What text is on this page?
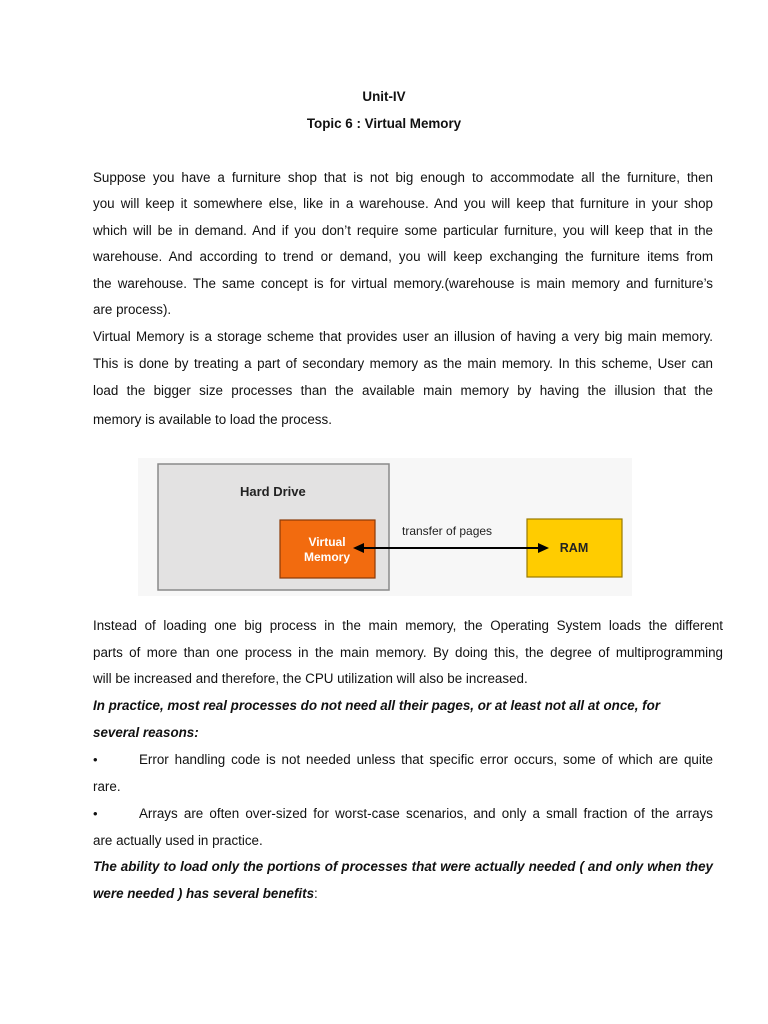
Unit-IV
Topic 6 : Virtual Memory
Suppose you have a furniture shop that is not big enough to accommodate all the furniture, then
you will keep it somewhere else, like in a warehouse. And you will keep that furniture in your shop
which will be in demand. And if you don’t require some particular furniture, you will keep that in the
warehouse. And according to trend or demand, you will keep exchanging the furniture items from
the warehouse. The same concept is for virtual memory.(warehouse is main memory and furniture’s
are process).
Virtual Memory is a storage scheme that provides user an illusion of having a very big main memory.
This is done by treating a part of secondary memory as the main memory. In this scheme, User can
load the bigger size processes than the available main memory by having the illusion that the
memory is available to load the process.
Hard Drive
Virtual
Memory
RAM
transfer of pages
Instead of loading one big process in the main memory, the Operating System loads the different
parts of more than one process in the main memory. By doing this, the degree of multiprogramming
will be increased and therefore, the CPU utilization will also be increased.
In practice, most real processes do not need all their pages, or at least not all at once, for
several reasons:
•	Error handling code is not needed unless that specific error occurs, some of which are quite
rare.
•	Arrays are often over-sized for worst-case scenarios, and only a small fraction of the arrays
are actually used in practice.
The ability to load only the portions of processes that were actually needed ( and only when they
were needed ) has several benefits:
